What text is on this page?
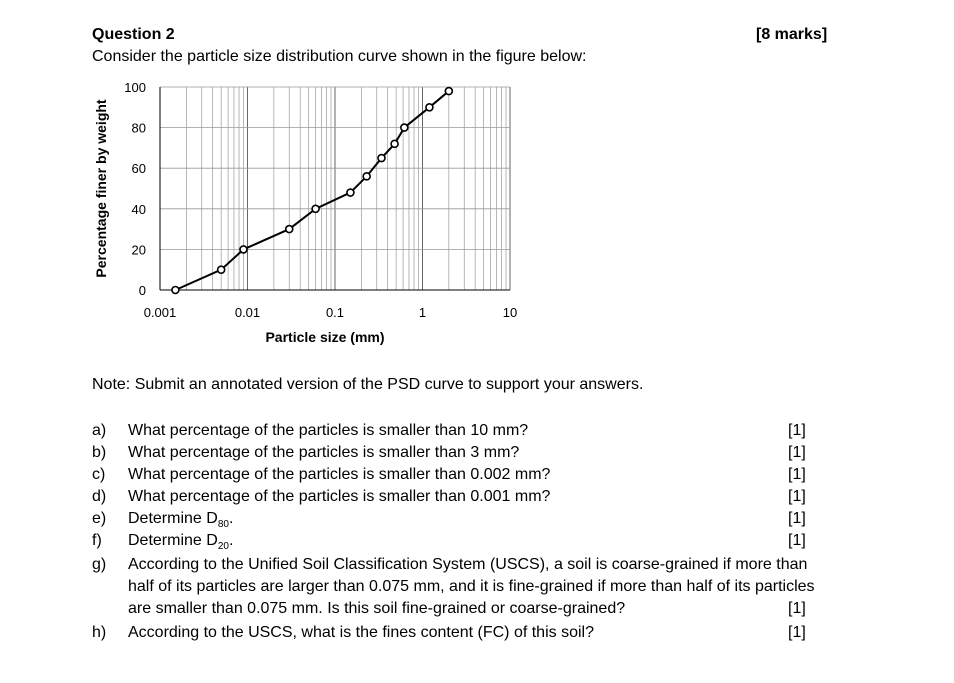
Question 2	[8 marks]
Consider the particle size distribution curve shown in the figure below:
0.001	0.01	0.1	1	10
0
20
40
60
80
100
Particle size (mm)
Percentage finer by weight
Note: Submit an annotated version of the PSD curve to support your answers.
a) What percentage of the particles is smaller than 10 mm?	[1]
b) What percentage of the particles is smaller than 3 mm?	[1]
c) What percentage of the particles is smaller than 0.002 mm?	[1]
d) What percentage of the particles is smaller than 0.001 mm?	[1]
e) Determine $D_{80}$.	[1]
f) Determine $D_{20}$.	[1]
g) According to the Unified Soil Classification System (USCS), a soil is coarse-grained if more than
half of its particles are larger than 0.075 mm, and it is fine-grained if more than half of its particles
are smaller than 0.075 mm. Is this soil fine-grained or coarse-grained?	[1]
h) According to the USCS, what is the fines content (FC) of this soil?	[1]
